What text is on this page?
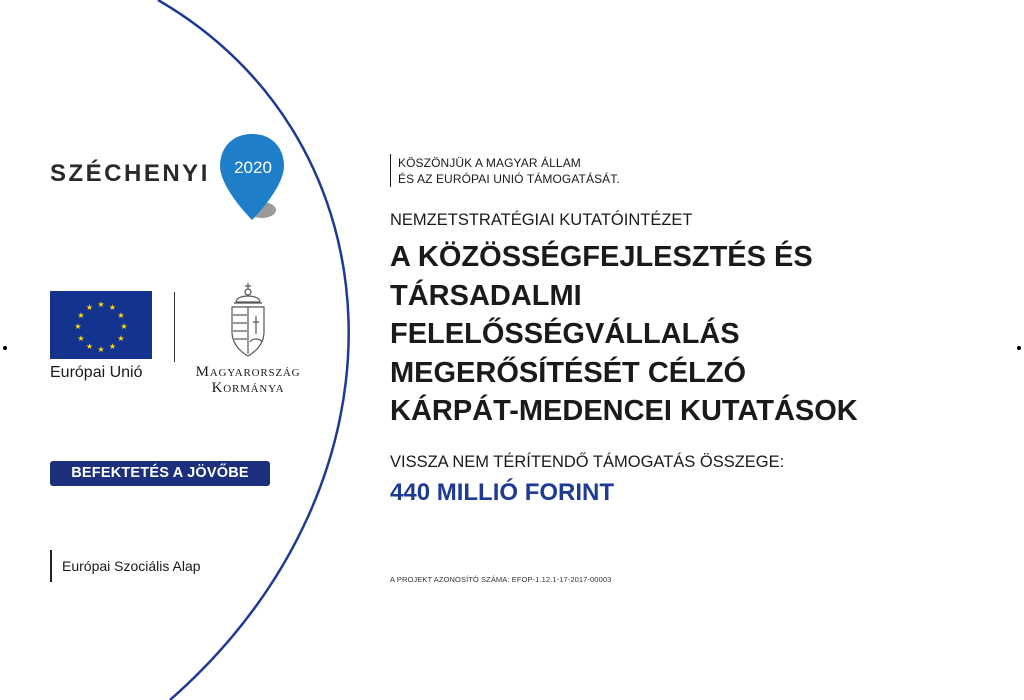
SZÉCHENYI 2020
★ ★
★
★
★
★
★
★
★
★
★
★
Európai Unió	Magyarország
Kormánya
BEFEKTETÉS A JÖVŐBE
Európai Szociális Alap
KÖSZÖNJÜK A MAGYAR ÁLLAM
ÉS AZ EURÓPAI UNIÓ TÁMOGATÁSÁT.
NEMZETSTRATÉGIAI KUTATÓINTÉZET
A KÖZÖSSÉGFEJLESZTÉS ÉS
TÁRSADALMI
FELELŐSSÉGVÁLLALÁS
MEGERŐSÍTÉSÉT CÉLZÓ
KÁRPÁT-MEDENCEI KUTATÁSOK
VISSZA NEM TÉRÍTENDŐ TÁMOGATÁS ÖSSZEGE:
440 MILLIÓ FORINT
A PROJEKT AZONOSÍTÓ SZÁMA: EFOP-1.12.1-17-2017-00003
